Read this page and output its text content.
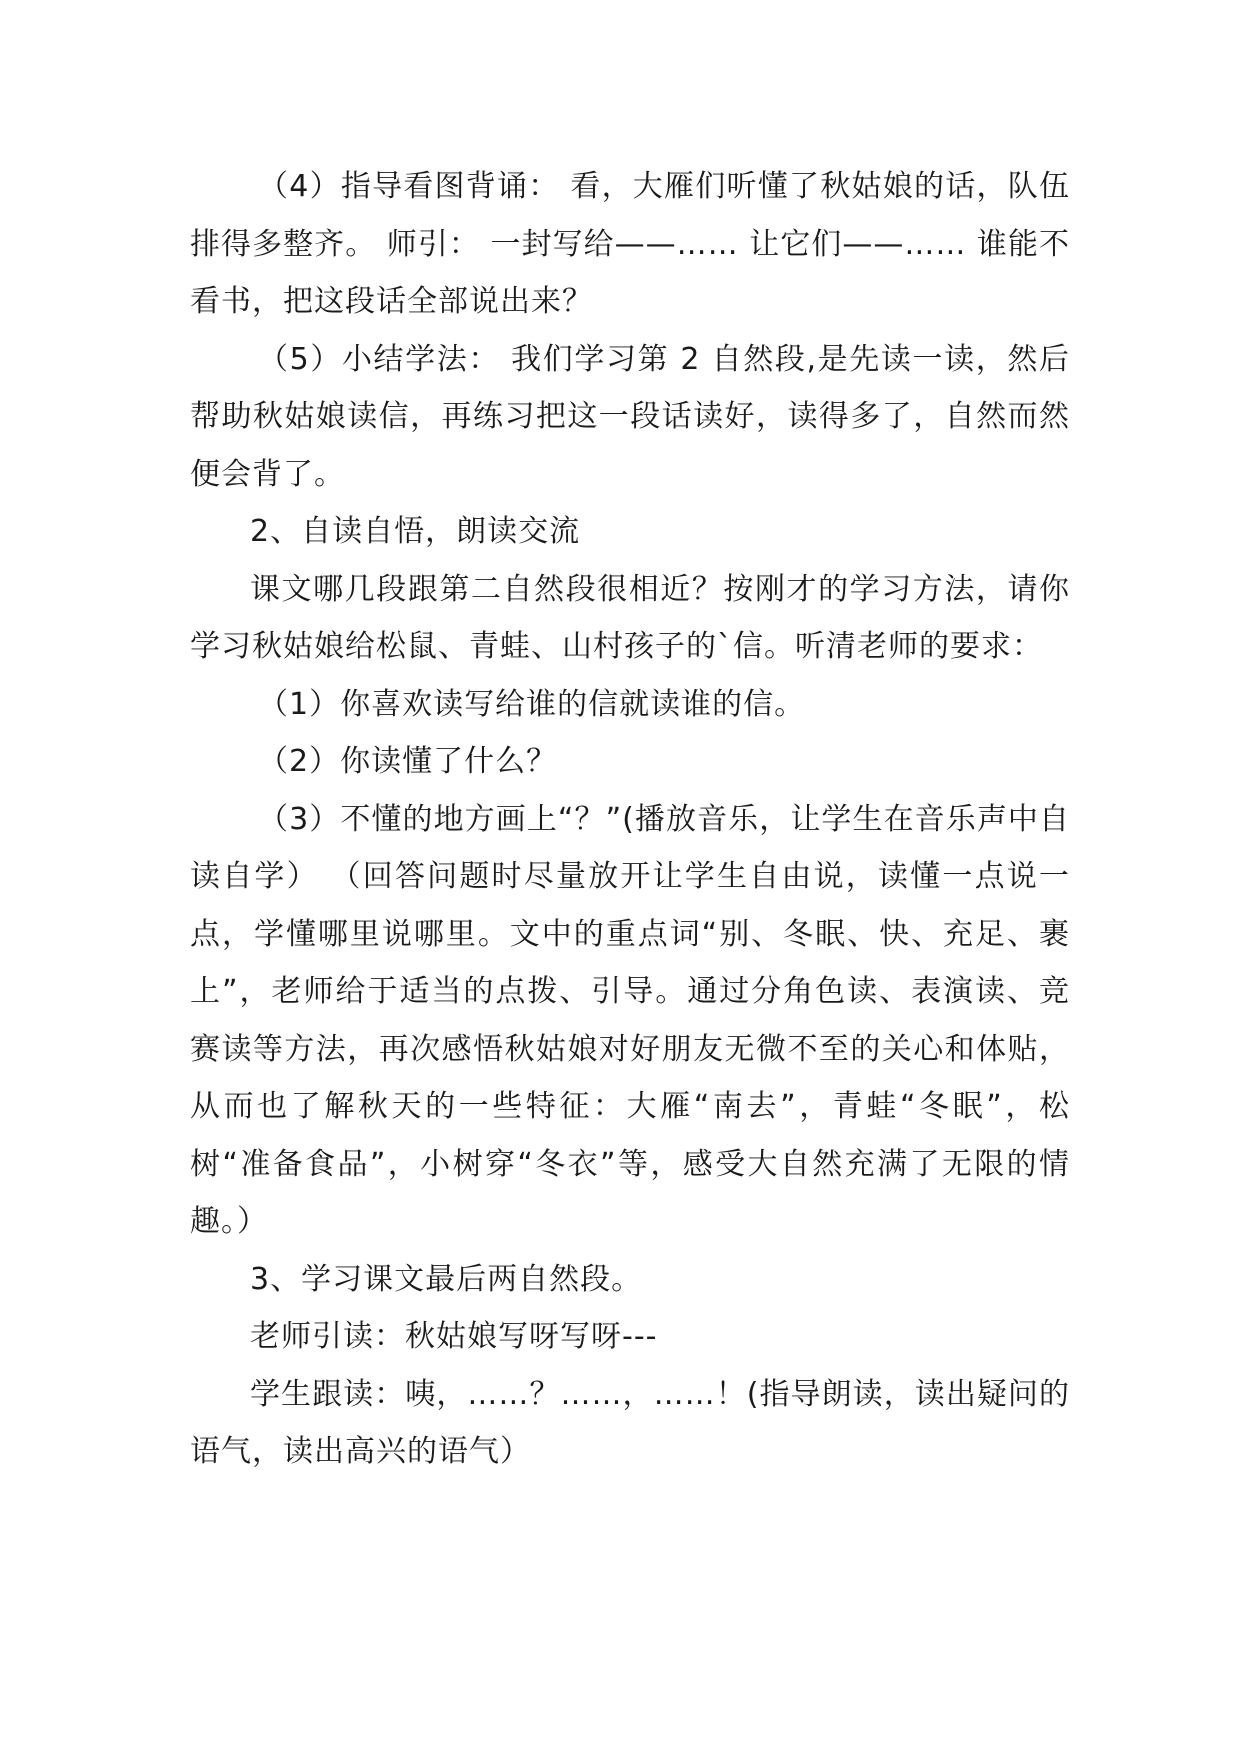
（4）指导看图背诵： 看，大雁们听懂了秋姑娘的话，队伍排得多整齐。 师引： 一封写给——…… 让它们——…… 谁能不看书，把这段话全部说出来？

（5）小结学法： 我们学习第 2 自然段,是先读一读，然后帮助秋姑娘读信，再练习把这一段话读好，读得多了，自然而然便会背了。

2、自读自悟，朗读交流

课文哪几段跟第二自然段很相近？按刚才的学习方法，请你学习秋姑娘给松鼠、青蛙、山村孩子的`信。听清老师的要求：

（1）你喜欢读写给谁的信就读谁的信。

（2）你读懂了什么？

（3）不懂的地方画上“？”(播放音乐，让学生在音乐声中自读自学） （回答问题时尽量放开让学生自由说，读懂一点说一点，学懂哪里说哪里。文中的重点词“别、冬眠、快、充足、裹上”，老师给于适当的点拨、引导。通过分角色读、表演读、竞赛读等方法，再次感悟秋姑娘对好朋友无微不至的关心和体贴，从而也了解秋天的一些特征：大雁“南去”，青蛙“冬眠”，松树“准备食品”，小树穿“冬衣”等，感受大自然充满了无限的情趣。）

3、学习课文最后两自然段。

老师引读：秋姑娘写呀写呀---

学生跟读：咦，……？……，……！(指导朗读，读出疑问的语气，读出高兴的语气）
